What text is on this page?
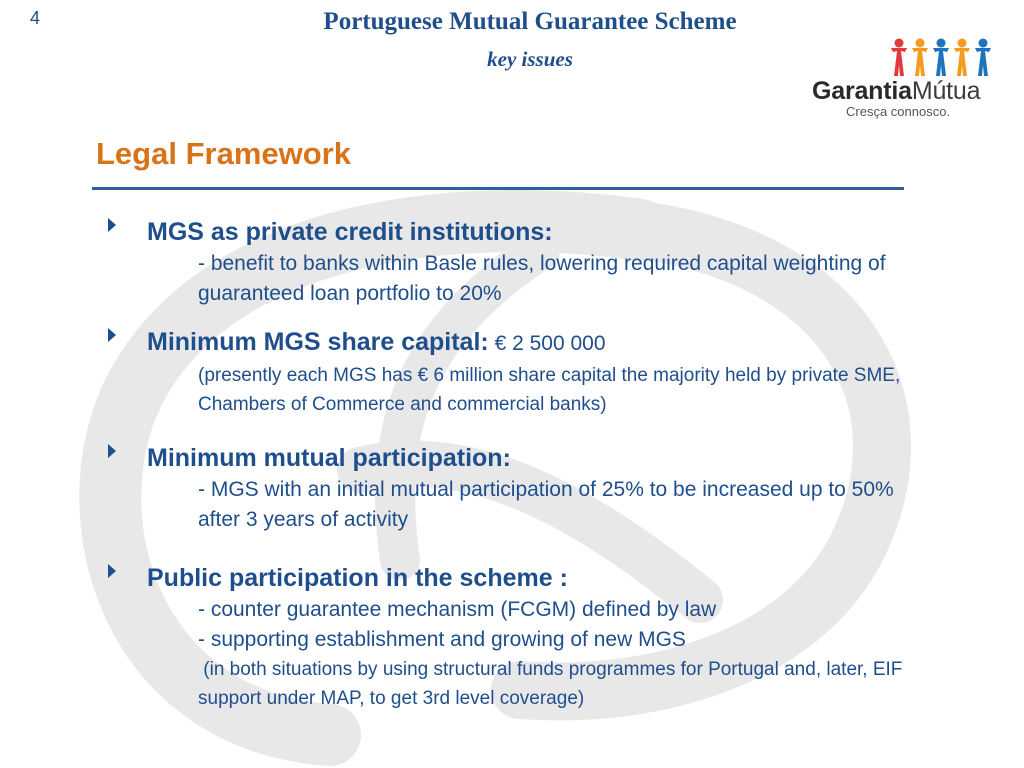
4	Portuguese Mutual Guarantee Scheme
key issues
GarantiaMútua
Cresça connosco.
Legal Framework
MGS as private credit institutions:
- benefit to banks within Basle rules, lowering required capital weighting of guaranteed loan portfolio to 20%
Minimum MGS share capital: € 2 500 000
(presently each MGS has € 6 million share capital the majority held by private SME, Chambers of Commerce and commercial banks)
Minimum mutual participation:
- MGS with an initial mutual participation of 25% to be increased up to 50% after 3 years of activity
Public participation in the scheme :
- counter guarantee mechanism (FCGM) defined by law
- supporting establishment and growing of new MGS
(in both situations by using structural funds programmes for Portugal and, later, EIF support under MAP, to get 3rd level coverage)
